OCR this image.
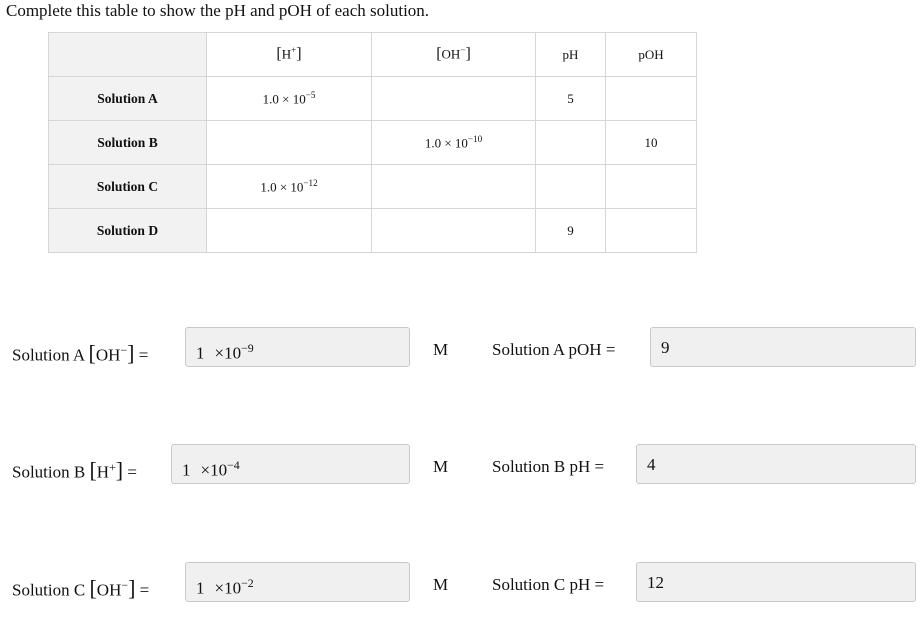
Complete this table to show the pH and pOH of each solution.
	[H+]	[OH−]	pH	pOH
Solution A	$1.0 \times 10^{-5}$		5	
Solution B		$1.0 \times 10^{-10}$		10
Solution C	$1.0 \times 10^{-12}$			
Solution D			9	
Solution A [OH−] =	$1 \times 10^{-9}$	M	Solution A pOH =	9
Solution B [H+] =	$1 \times 10^{-4}$	M	Solution B pH =	4
Solution C [OH−] =	$1 \times 10^{-2}$	M	Solution C pH =	12
